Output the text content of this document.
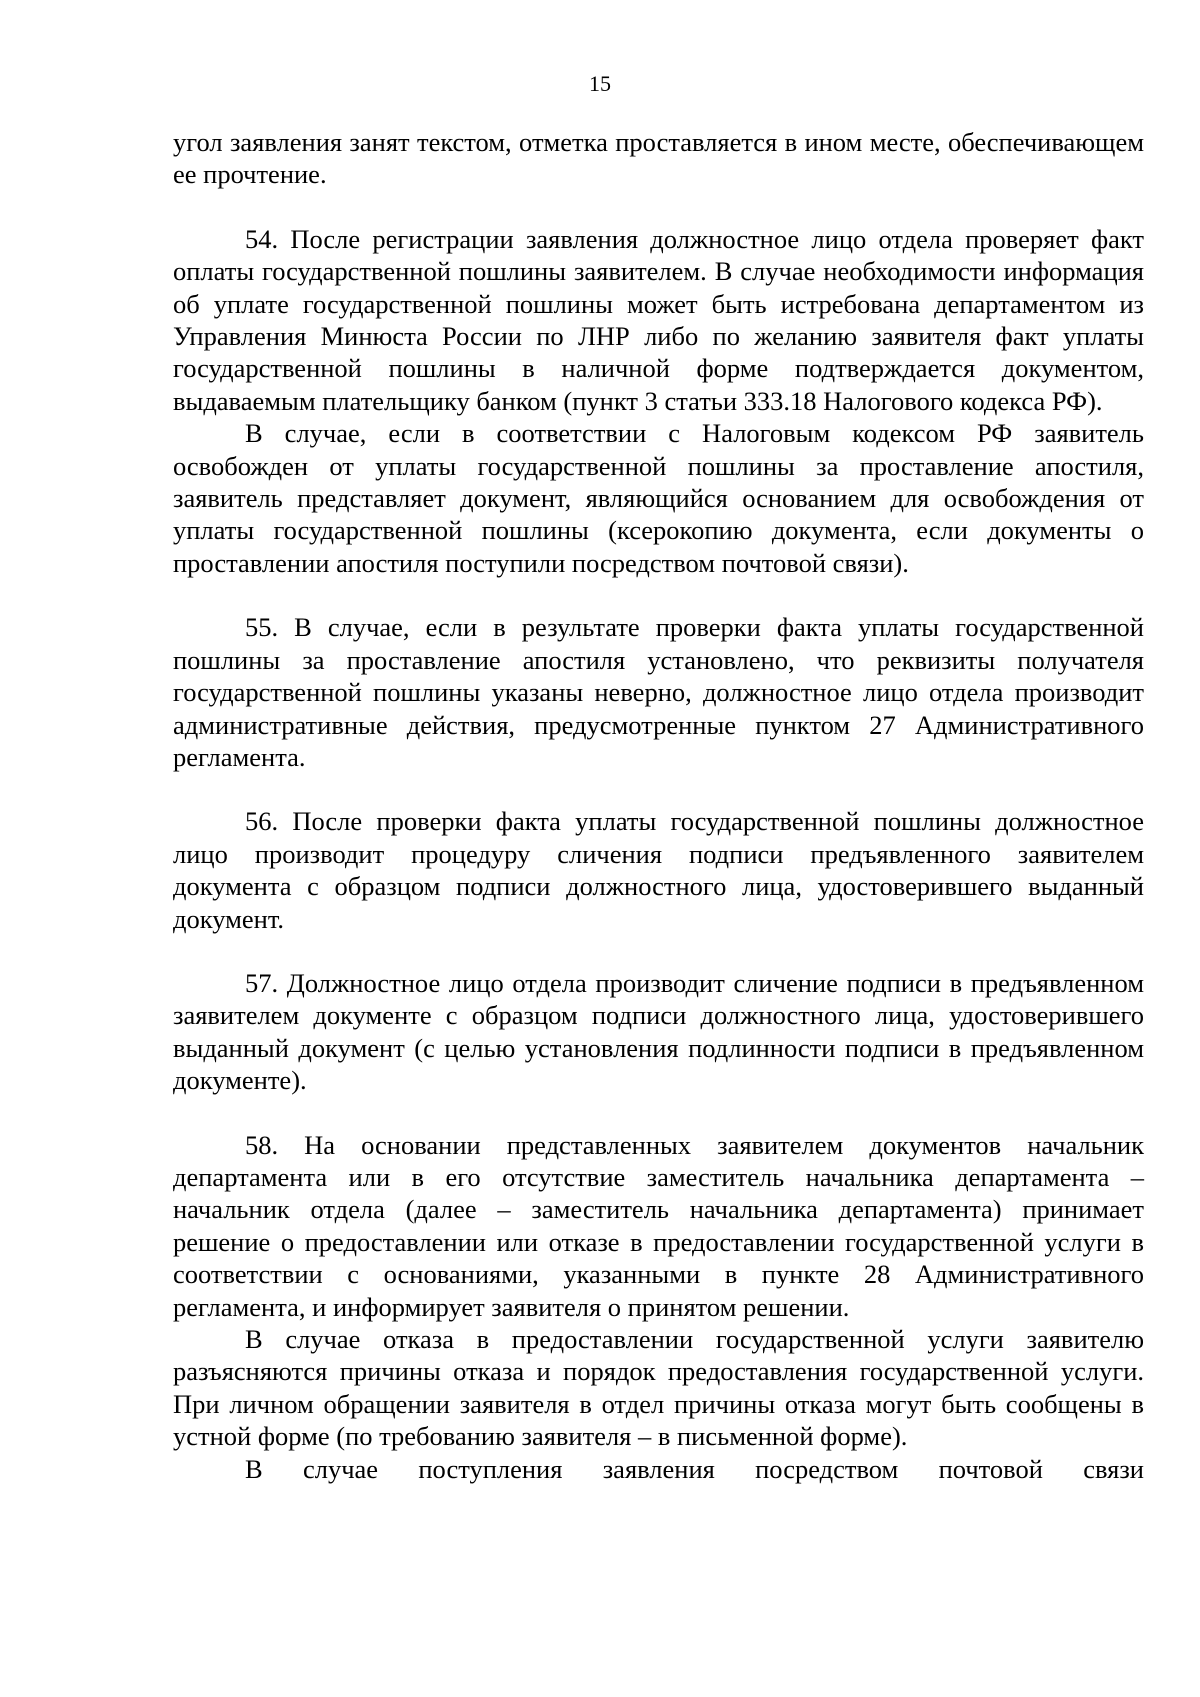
15

угол заявления занят текстом, отметка проставляется в ином месте, обеспечивающем ее прочтение.

54. После регистрации заявления должностное лицо отдела проверяет факт оплаты государственной пошлины заявителем. В случае необходимости информация об уплате государственной пошлины может быть истребована департаментом из Управления Минюста России по ЛНР либо по желанию заявителя факт уплаты государственной пошлины в наличной форме подтверждается документом, выдаваемым плательщику банком (пункт 3 статьи 333.18 Налогового кодекса РФ).

В случае, если в соответствии с Налоговым кодексом РФ заявитель освобожден от уплаты государственной пошлины за проставление апостиля, заявитель представляет документ, являющийся основанием для освобождения от уплаты государственной пошлины (ксерокопию документа, если документы о проставлении апостиля поступили посредством почтовой связи).

55. В случае, если в результате проверки факта уплаты государственной пошлины за проставление апостиля установлено, что реквизиты получателя государственной пошлины указаны неверно, должностное лицо отдела производит административные действия, предусмотренные пунктом 27 Административного регламента.

56. После проверки факта уплаты государственной пошлины должностное лицо производит процедуру сличения подписи предъявленного заявителем документа с образцом подписи должностного лица, удостоверившего выданный документ.

57. Должностное лицо отдела производит сличение подписи в предъявленном заявителем документе с образцом подписи должностного лица, удостоверившего выданный документ (с целью установления подлинности подписи в предъявленном документе).

58. На основании представленных заявителем документов начальник департамента или в его отсутствие заместитель начальника департамента – начальник отдела (далее – заместитель начальника департамента) принимает решение о предоставлении или отказе в предоставлении государственной услуги в соответствии с основаниями, указанными в пункте 28 Административного регламента, и информирует заявителя о принятом решении.

В случае отказа в предоставлении государственной услуги заявителю разъясняются причины отказа и порядок предоставления государственной услуги. При личном обращении заявителя в отдел причины отказа могут быть сообщены в устной форме (по требованию заявителя – в письменной форме).

В случае поступления заявления посредством почтовой связи
